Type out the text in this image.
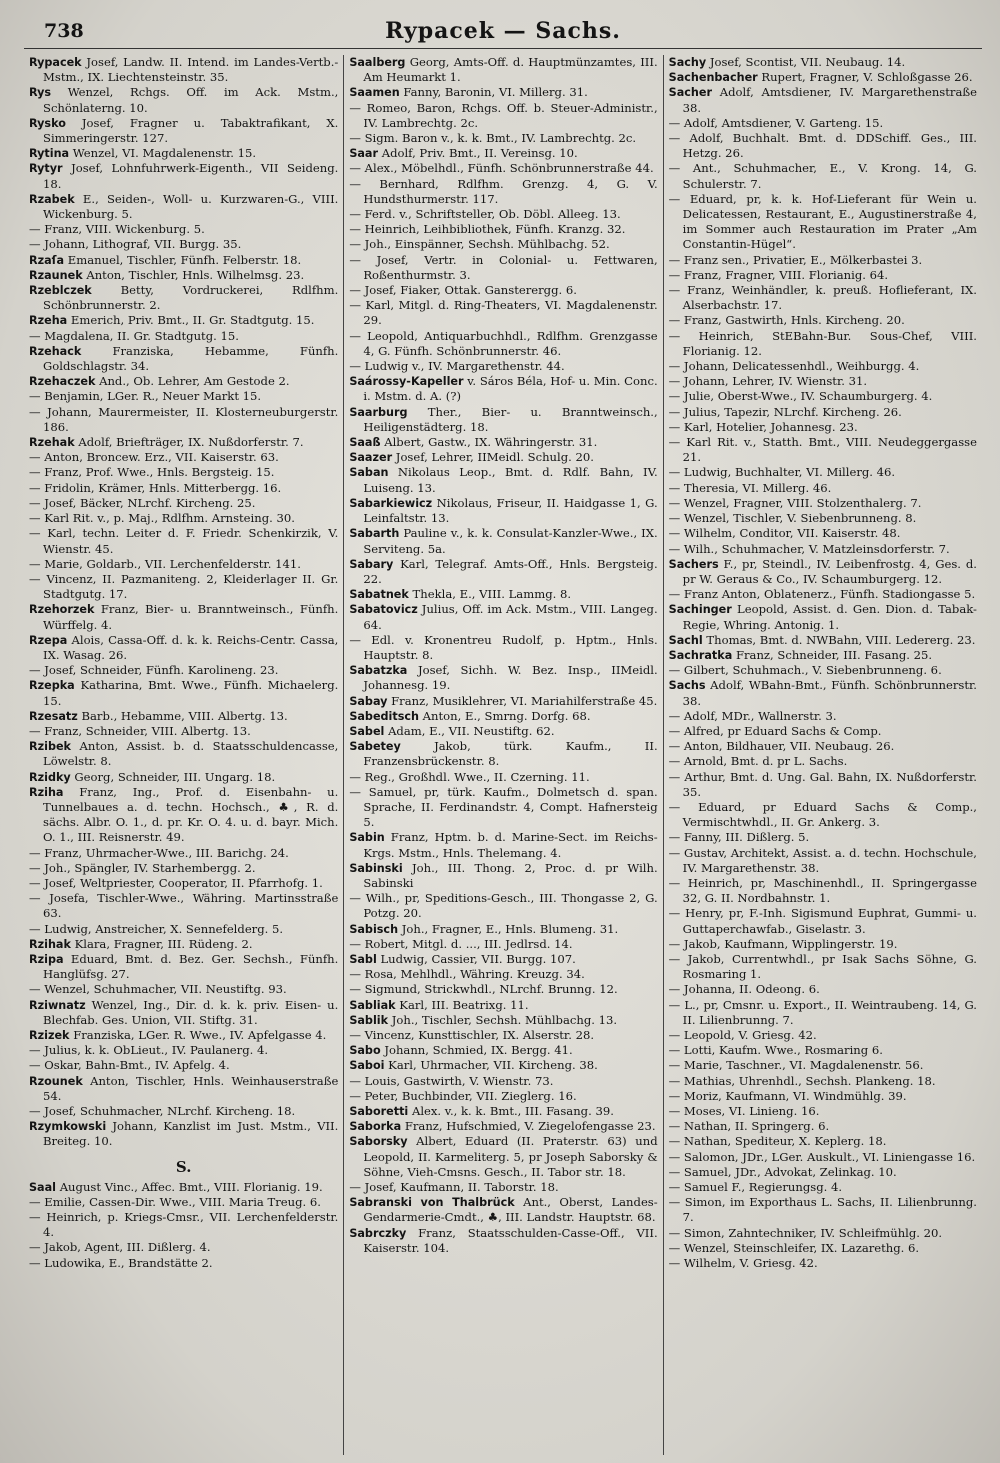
738	Rypacek — Sachs.

Rypacek Josef, Landw. II. Intend. im Landes-Vertb.-Mstm., IX. Liechtensteinstr. 35.

Rys Wenzel, Rchgs. Off. im Ack. Mstm., Schönlaterng. 10.

Rysko Josef, Fragner u. Tabaktrafikant, X. Simmeringerstr. 127.

Rytina Wenzel, VI. Magdalenenstr. 15.

Rytyr Josef, Lohnfuhrwerk-Eigenth., VII Seideng. 18.

Rzabek E., Seiden-, Woll- u. Kurzwaren-G., VIII. Wickenburg. 5.

— Franz, VIII. Wickenburg. 5.

— Johann, Lithograf, VII. Burgg. 35.

Rzaſa Emanuel, Tischler, Fünfh. Felberstr. 18.

Rzaunek Anton, Tischler, Hnls. Wilhelmsg. 23.

Rzeblczek Betty, Vordruckerei, Rdlfhm. Schönbrunnerstr. 2.

Rzeha Emerich, Priv. Bmt., II. Gr. Stadtgutg. 15.

— Magdalena, II. Gr. Stadtgutg. 15.

Rzehack	Franziska, Hebamme, Fünfh. Goldschlagstr. 34.

Rzehaczek And., Ob. Lehrer, Am Gestode 2.

— Benjamin, LGer. R., Neuer Markt 15.

— Johann, Maurermeister, II. Klosterneuburgerstr. 186.

Rzehak Adolf, Briefträger, IX. Nußdorferstr. 7.

— Anton, Broncew. Erz., VII. Kaiserstr. 63.

— Franz, Prof. Wwe., Hnls. Bergsteig. 15.

— Fridolin, Krämer, Hnls. Mitterbergg. 16.

— Josef, Bäcker, NLrchf. Kircheng. 25.

— Karl Rit. v., p. Maj., Rdlfhm. Arnsteing. 30.

— Karl, techn. Leiter d. F. Friedr. Schenkirzik, V. Wienstr. 45.

— Marie, Goldarb., VII. Lerchenfelderstr. 141.

— Vincenz, II. Pazmaniteng. 2, Kleiderlager II. Gr. Stadtgutg. 17.

Rzehorzek Franz, Bier- u. Branntweinsch., Fünfh. Würffelg. 4.

Rzepa Alois, Cassa-Off. d. k. k. Reichs-Centr. Cassa, IX. Wasag. 26.

— Josef, Schneider, Fünfh. Karolineng. 23.

Rzepka Katharina, Bmt. Wwe., Fünfh. Michaelerg. 15.

Rzesatz Barb., Hebamme, VIII. Albertg. 13.

— Franz, Schneider, VIII. Albertg. 13.

Rzibek Anton, Assist. b. d. Staatsschuldencasse, Löwelstr. 8.

Rzidky Georg, Schneider, III. Ungarg. 18.

Rziha Franz, Ing., Prof. d. Eisenbahn- u. Tunnelbaues a. d. techn. Hochsch., ♣, R. d. sächs. Albr. O. 1., d. pr. Kr. O. 4. u. d. bayr. Mich. O. 1., III. Reisnerstr. 49.

— Franz, Uhrmacher-Wwe., III. Barichg. 24.

— Joh., Spängler, IV. Starhembergg. 2.

— Josef, Weltpriester, Cooperator, II. Pfarrhofg. 1.

— Josefa, Tischler-Wwe., Währing. Martinsstraße 63.

— Ludwig, Anstreicher, X. Sennefelderg. 5.

Rzihak Klara, Fragner, III. Rüdeng. 2.

Rzipa Eduard, Bmt. d. Bez. Ger. Sechsh., Fünfh. Hanglüfsg. 27.

— Wenzel, Schuhmacher, VII. Neustiftg. 93.

Rziwnatz Wenzel, Ing., Dir. d. k. k. priv. Eisen- u. Blechfab. Ges. Union, VII. Stiftg. 31.

Rzizek Franziska, LGer. R. Wwe., IV. Apfelgasse 4.

— Julius, k. k. ObLieut., IV. Paulanerg. 4.

— Oskar, Bahn-Bmt., IV. Apfelg. 4.

Rzounek Anton, Tischler, Hnls. Weinhauserstraße 54.

— Josef, Schuhmacher, NLrchf. Kircheng. 18.

Rzymkowski Johann, Kanzlist im Just. Mstm., VII. Breiteg. 10.

S.

Saal August Vinc., Affec. Bmt., VIII. Florianig. 19.

— Emilie, Cassen-Dir. Wwe., VIII. Maria Treug. 6.

— Heinrich, p. Kriegs-Cmsr., VII. Lerchenfelderstr. 4.

— Jakob, Agent, III. Dißlerg. 4.

— Ludowika, E., Brandstätte 2.

Saalberg Georg, Amts-Off. d. Hauptmünzamtes, III. Am Heumarkt 1.

Saamen Fanny, Baronin, VI. Millerg. 31.

— Romeo, Baron, Rchgs. Off. b. Steuer-Administr., IV. Lambrechtg. 2c.

— Sigm. Baron v., k. k. Bmt., IV. Lambrechtg. 2c.

Saar Adolf, Priv. Bmt., II. Vereinsg. 10.

— Alex., Möbelhdl., Fünfh. Schönbrunnerstraße 44.

— Bernhard, Rdlfhm. Grenzg. 4, G. V. Hundsthurmerstr. 117.

— Ferd. v., Schriftsteller, Ob. Döbl. Alleeg. 13.

— Heinrich, Leihbibliothek, Fünfh. Kranzg. 32.

— Joh., Einspänner, Sechsh. Mühlbachg. 52.

— Josef, Vertr. in Colonial- u. Fettwaren, Roßenthurmstr. 3.

— Josef, Fiaker, Ottak. Gansterergg. 6.

— Karl, Mitgl. d. Ring-Theaters, VI. Magdalenenstr. 29.

— Leopold, Antiquarbuchhdl., Rdlfhm. Grenzgasse 4, G. Fünfh. Schönbrunnerstr. 46.

— Ludwig v., IV. Margarethenstr. 44.

Saárossy-Kapeller v. Sáros Béla, Hof- u. Min. Conc. i. Mstm. d. A. (?)

Saarburg Ther., Bier- u. Branntweinsch., Heiligenstädterg. 18.

Saaß Albert, Gastw., IX. Währingerstr. 31.

Saazer Josef, Lehrer, IIMeidl. Schulg. 20.

Saban Nikolaus Leop., Bmt. d. Rdlf. Bahn, IV. Luiseng. 13.

Sabarkiewicz Nikolaus, Friseur, II. Haidgasse 1, G. Leinfaltstr. 13.

Sabarth Pauline v., k. k. Consulat-Kanzler-Wwe., IX. Serviteng. 5a.

Sabary Karl, Telegraf. Amts-Off., Hnls. Bergsteig. 22.

Sabatnek Thekla, E., VIII. Lammg. 8.

Sabatovicz Julius, Off. im Ack. Mstm., VIII. Langeg. 64.

— Edl. v. Kronentreu Rudolf, p. Hptm., Hnls. Hauptstr. 8.

Sabatzka Josef, Sichh. W. Bez. Insp., IIMeidl. Johannesg. 19.

Sabay Franz, Musiklehrer, VI. Mariahilferstraße 45.

Sabeditsch Anton, E., Smrng. Dorfg. 68.

Sabel Adam, E., VII. Neustiftg. 62.

Sabetey	Jakob, türk. Kaufm., II. Franzensbrückenstr. 8.

— Reg., Großhdl. Wwe., II. Czerning. 11.

— Samuel, pr, türk. Kaufm., Dolmetsch d. span. Sprache, II. Ferdinandstr. 4, Compt. Hafnersteig 5.

Sabin Franz, Hptm. b. d. Marine-Sect. im Reichs-Krgs. Mstm., Hnls. Thelemang. 4.

Sabinski Joh., III. Thong. 2, Proc. d. pr Wilh. Sabinski

— Wilh., pr, Speditions-Gesch., III. Thongasse 2, G. Potzg. 20.

Sabisch Joh., Fragner, E., Hnls. Blumeng. 31.

— Robert, Mitgl. d. ..., III. Jedlrsd. 14.

Sabl Ludwig, Cassier, VII. Burgg. 107.

— Rosa, Mehlhdl., Währing. Kreuzg. 34.

— Sigmund, Strickwhdl., NLrchf. Brunng. 12.

Sabliak Karl, III. Beatrixg. 11.

Sablik Joh., Tischler, Sechsh. Mühlbachg. 13.

— Vincenz, Kunsttischler, IX. Alserstr. 28.

Sabo Johann, Schmied, IX. Bergg. 41.

Saboi Karl, Uhrmacher, VII. Kircheng. 38.

— Louis, Gastwirth, V. Wienstr. 73.

— Peter, Buchbinder, VII. Zieglerg. 16.

Saboretti Alex. v., k. k. Bmt., III. Fasang. 39.

Saborka Franz, Hufschmied, V. Ziegelofengasse 23.

Saborsky Albert, Eduard (II. Praterstr. 63) und Leopold, II. Karmeliterg. 5, pr Joseph Saborsky & Söhne, Vieh-Cmsns. Gesch., II. Tabor str. 18.

— Josef, Kaufmann, II. Taborstr. 18.

Sabranski von Thalbrück Ant., Oberst, Landes-Gendarmerie-Cmdt., ♣, III. Landstr. Hauptstr. 68.

Sabrczky Franz, Staatsschulden-Casse-Off., VII. Kaiserstr. 104.

Sachy Josef, Scontist, VII. Neubaug. 14.

Sachenbacher Rupert, Fragner, V. Schloßgasse 26.

Sacher Adolf, Amtsdiener, IV. Margarethenstraße 38.

— Adolf, Amtsdiener, V. Garteng. 15.

— Adolf, Buchhalt. Bmt. d. DDSchiff. Ges., III. Hetzg. 26.

— Ant., Schuhmacher, E., V. Krong. 14, G. Schulerstr. 7.

— Eduard, pr, k. k. Hof-Lieferant für Wein u. Delicatessen, Restaurant, E., Augustinerstraße 4, im Sommer auch Restauration im Prater „Am Constantin-Hügel“.

— Franz sen., Privatier, E., Mölkerbastei 3.

— Franz, Fragner, VIII. Florianig. 64.

— Franz, Weinhändler, k. preuß. Hoflieferant, IX. Alserbachstr. 17.

— Franz, Gastwirth, Hnls. Kircheng. 20.

— Heinrich, StEBahn-Bur. Sous-Chef, VIII. Florianig. 12.

— Johann, Delicatessenhdl., Weihburgg. 4.

— Johann, Lehrer, IV. Wienstr. 31.

— Julie, Oberst-Wwe., IV. Schaumburgerg. 4.

— Julius, Tapezir, NLrchf. Kircheng. 26.

— Karl, Hotelier, Johannesg. 23.

— Karl Rit. v., Statth. Bmt., VIII. Neudeggergasse 21.

— Ludwig, Buchhalter, VI. Millerg. 46.

— Theresia, VI. Millerg. 46.

— Wenzel, Fragner, VIII. Stolzenthalerg. 7.

— Wenzel, Tischler, V. Siebenbrunneng. 8.

— Wilhelm, Conditor, VII. Kaiserstr. 48.

— Wilh., Schuhmacher, V. Matzleinsdorferstr. 7.

Sachers F., pr, Steindl., IV. Leibenfrostg. 4, Ges. d. pr W. Geraus & Co., IV. Schaumburgerg. 12.

— Franz Anton, Oblatenerz., Fünfh. Stadiongasse 5.

Sachinger Leopold, Assist. d. Gen. Dion. d. Tabak-Regie, Whring. Antonig. 1.

Sachl Thomas, Bmt. d. NWBahn, VIII. Ledererg. 23.

Sachratka Franz, Schneider, III. Fasang. 25.

— Gilbert, Schuhmach., V. Siebenbrunneng. 6.

Sachs Adolf, WBahn-Bmt., Fünfh. Schönbrunnerstr. 38.

— Adolf, MDr., Wallnerstr. 3.

— Alfred, pr Eduard Sachs & Comp.

— Anton, Bildhauer, VII. Neubaug. 26.

— Arnold, Bmt. d. pr L. Sachs.

— Arthur, Bmt. d. Ung. Gal. Bahn, IX. Nußdorferstr. 35.

— Eduard, pr Eduard Sachs & Comp., Vermischtwhdl., II. Gr. Ankerg. 3.

— Fanny, III. Dißlerg. 5.

— Gustav, Architekt, Assist. a. d. techn. Hochschule, IV. Margarethenstr. 38.

— Heinrich, pr, Maschinenhdl., II. Springergasse 32, G. II. Nordbahnstr. 1.

— Henry, pr, F.-Inh. Sigismund Euphrat, Gummi- u. Guttaperchawfab., Giselastr. 3.

— Jakob, Kaufmann, Wipplingerstr. 19.

— Jakob, Currentwhdl., pr Isak Sachs Söhne, G. Rosmaring 1.

— Johanna, II. Odeong. 6.

— L., pr, Cmsnr. u. Export., II. Weintraubeng. 14, G. II. Lilienbrunng. 7.

— Leopold, V. Griesg. 42.

— Lotti, Kaufm. Wwe., Rosmaring 6.

— Marie, Taschner., VI. Magdalenenstr. 56.

— Mathias, Uhrenhdl., Sechsh. Plankeng. 18.

— Moriz, Kaufmann, VI. Windmühlg. 39.

— Moses, VI. Linieng. 16.

— Nathan, II. Springerg. 6.

— Nathan, Spediteur, X. Keplerg. 18.

— Salomon, JDr., LGer. Auskult., VI. Liniengasse 16.

— Samuel, JDr., Advokat, Zelinkag. 10.

— Samuel F., Regierungsg. 4.

— Simon, im Exporthaus L. Sachs, II. Lilienbrunng. 7.

— Simon, Zahntechniker, IV. Schleifmühlg. 20.

— Wenzel, Steinschleifer, IX. Lazarethg. 6.

— Wilhelm, V. Griesg. 42.
